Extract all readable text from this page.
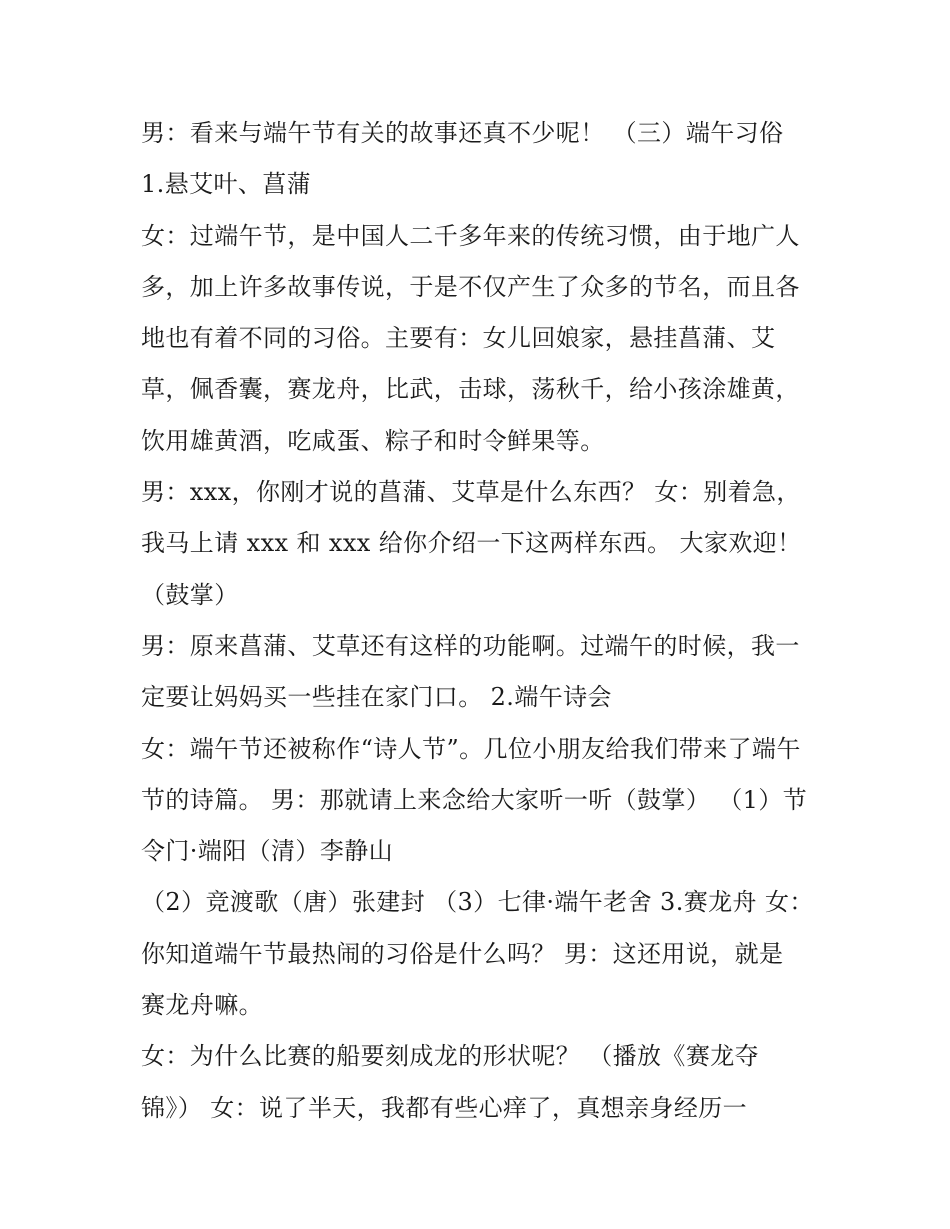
男：看来与端午节有关的故事还真不少呢！ （三）端午习俗
1.悬艾叶、菖蒲
女：过端午节，是中国人二千多年来的传统习惯，由于地广人
多，加上许多故事传说，于是不仅产生了众多的节名，而且各
地也有着不同的习俗。主要有：女儿回娘家，悬挂菖蒲、艾
草，佩香囊，赛龙舟，比武，击球，荡秋千，给小孩涂雄黄，
饮用雄黄酒，吃咸蛋、粽子和时令鲜果等。
男：xxx，你刚才说的菖蒲、艾草是什么东西？ 女：别着急，
我马上请 xxx 和 xxx 给你介绍一下这两样东西。 大家欢迎！
（鼓掌）
男：原来菖蒲、艾草还有这样的功能啊。过端午的时候，我一
定要让妈妈买一些挂在家门口。 2.端午诗会
女：端午节还被称作“诗人节”。几位小朋友给我们带来了端午
节的诗篇。 男：那就请上来念给大家听一听（鼓掌） （1）节
令门·端阳（清）李静山
（2）竞渡歌（唐）张建封 （3）七律·端午老舍 3.赛龙舟 女：
你知道端午节最热闹的习俗是什么吗？ 男：这还用说，就是
赛龙舟嘛。
女：为什么比赛的船要刻成龙的形状呢？ （播放《赛龙夺
锦》） 女：说了半天，我都有些心痒了，真想亲身经历一
